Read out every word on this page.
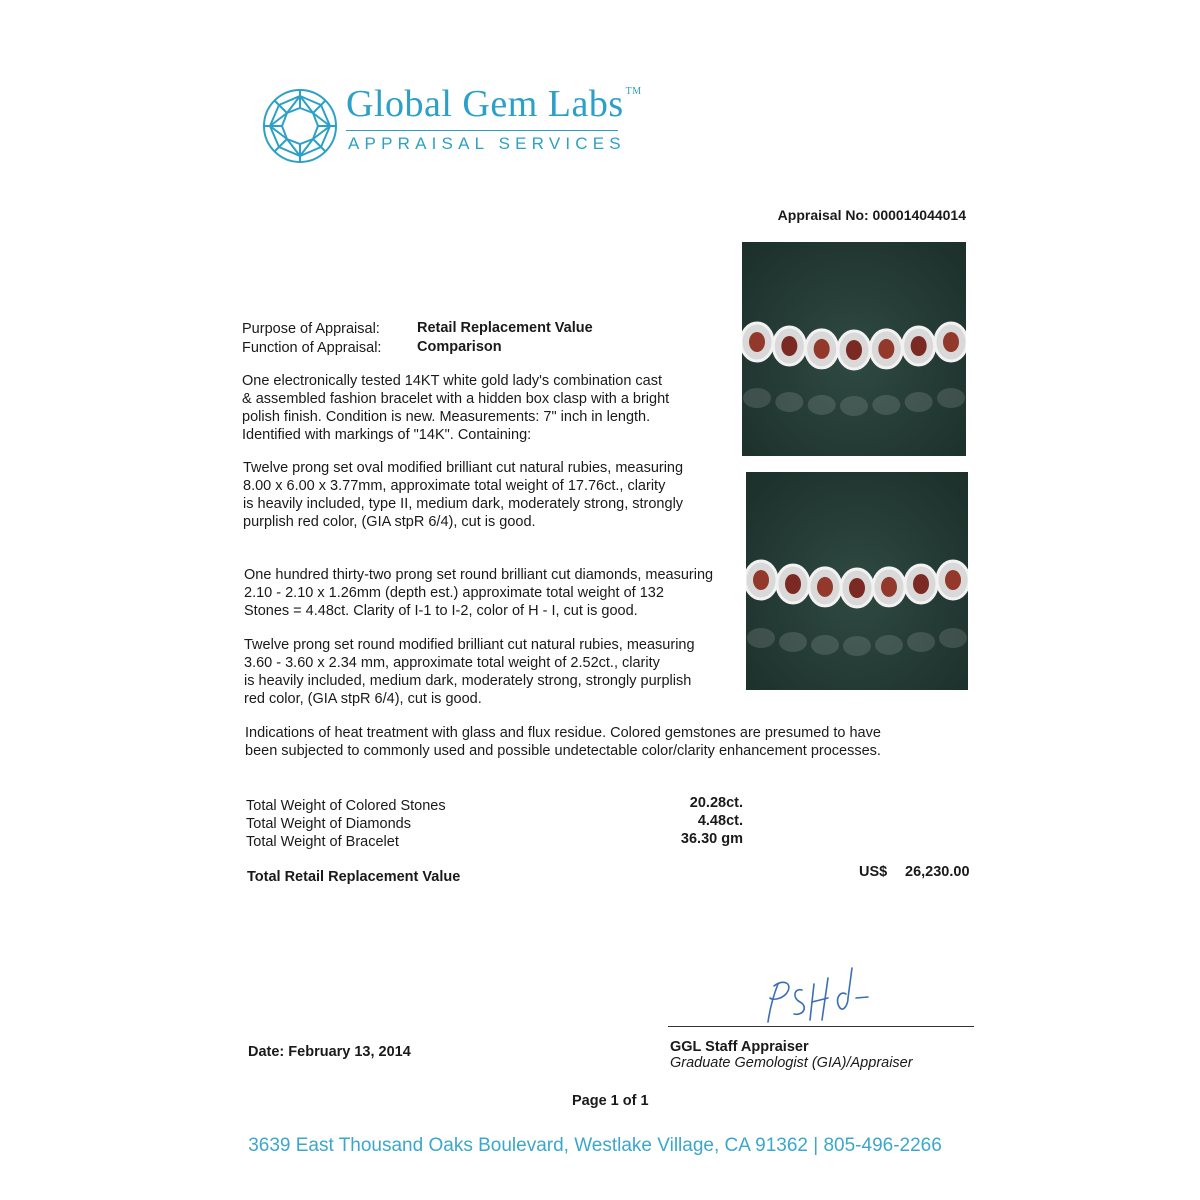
Global Gem Labs ™
APPRAISAL SERVICES
Appraisal No: 000014044014
Purpose of Appraisal:	Retail Replacement Value
Function of Appraisal: Comparison
One electronically tested 14KT white gold lady's combination cast
& assembled fashion bracelet with a hidden box clasp with a bright
polish finish. Condition is new. Measurements: 7" inch in length.
Identified with markings of "14K". Containing:
Twelve prong set oval modified brilliant cut natural rubies, measuring
8.00 x 6.00 x 3.77mm, approximate total weight of 17.76ct., clarity
is heavily included, type II, medium dark, moderately strong, strongly
purplish red color, (GIA stpR 6/4), cut is good.
One hundred thirty-two prong set round brilliant cut diamonds, measuring
2.10 - 2.10 x 1.26mm (depth est.) approximate total weight of 132
Stones = 4.48ct. Clarity of I-1 to I-2, color of H - I, cut is good.
Twelve prong set round modified brilliant cut natural rubies, measuring
3.60 - 3.60 x 2.34 mm, approximate total weight of 2.52ct., clarity
is heavily included, medium dark, moderately strong, strongly purplish
red color, (GIA stpR 6/4), cut is good.
Indications of heat treatment with glass and flux residue. Colored gemstones are presumed to have
been subjected to commonly used and possible undetectable color/clarity enhancement processes.
Total Weight of Colored Stones	20.28ct.
Total Weight of Diamonds	4.48ct.
Total Weight of Bracelet	36.30 gm
Total Retail Replacement Value	US$ 26,230.00
Date: February 13, 2014	GGL Staff Appraiser
Graduate Gemologist (GIA)/Appraiser
Page 1 of 1
3639 East Thousand Oaks Boulevard, Westlake Village, CA 91362 | 805-496-2266
